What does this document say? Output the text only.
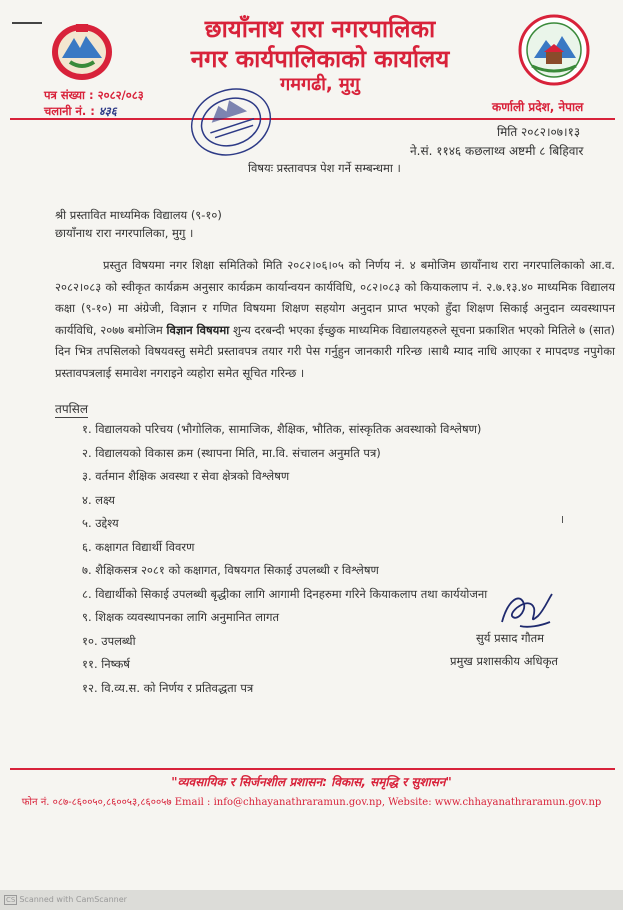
छायाँनाथ रारा नगरपालिका
नगर कार्यपालिकाको कार्यालय
गमगढी, मुगु
कर्णाली प्रदेश, नेपाल
पत्र संख्या : २०८२/०८३
चलानी नं. : ४३६
मिति २०८२।०७।१३
ने.सं. ११४६ कछलाथ्व अष्टमी ८ बिहिवार
विषयः प्रस्तावपत्र पेश गर्ने सम्बन्धमा ।
श्री प्रस्तावित माध्यमिक विद्यालय (९-१०)
छायाँनाथ रारा नगरपालिका, मुगु ।

प्रस्तुत विषयमा नगर शिक्षा समितिको मिति २०८२।०६।०५ को निर्णय नं. ४ बमोजिम छायाँनाथ रारा नगरपालिकाको आ.व. २०८२।०८३ को स्वीकृत कार्यक्रम अनुसार कार्यक्रम कार्यान्वयन कार्यविधि, ०८२।०८३ को कियाकलाप नं. २.७.१३.४० माध्यमिक विद्यालय कक्षा (९-१०) मा अंग्रेजी, विज्ञान र गणित विषयमा शिक्षण सहयोग अनुदान प्राप्त भएको हुँदा शिक्षण सिकाई अनुदान व्यवस्थापन कार्यविधि, २०७७ बमोजिम विज्ञान विषयमा शुन्य दरबन्दी भएका ईच्छुक माध्यमिक विद्यालयहरुले सूचना प्रकाशित भएको मितिले ७ (सात) दिन भित्र तपसिलको विषयवस्तु समेटी प्रस्तावपत्र तयार गरी पेस गर्नुहुन जानकारी गरिन्छ ।साथै म्याद नाधि आएका र मापदण्ड नपुगेका प्रस्तावपत्रलाई समावेश नगराइने व्यहोरा समेत सूचित गरिन्छ ।

तपसिल
१. विद्यालयको परिचय (भौगोलिक, सामाजिक, शैक्षिक, भौतिक, सांस्कृतिक अवस्थाको विश्लेषण)
२. विद्यालयको विकास क्रम (स्थापना मिति, मा.वि. संचालन अनुमति पत्र)
३. वर्तमान शैक्षिक अवस्था र सेवा क्षेत्रको विश्लेषण
४. लक्ष्य
५. उद्देश्य
६. कक्षागत विद्यार्थी विवरण
७. शैक्षिकसत्र २०८१ को कक्षागत, विषयगत सिकाई उपलब्धी र विश्लेषण
८. विद्यार्थीको सिकाई उपलब्धी बृद्धीका लागि आगामी दिनहरुमा गरिने कियाकलाप तथा कार्ययोजना
९. शिक्षक व्यवस्थापनका लागि अनुमानित लागत
१०. उपलब्धी
११. निष्कर्ष
१२. वि.व्य.स. को निर्णय र प्रतिवद्धता पत्र
सुर्य प्रसाद गौतम
प्रमुख प्रशासकीय अधिकृत
"व्यवसायिक र सिर्जनशील प्रशासन: विकास, समृद्धि र सुशासन"
फोन नं. ०८७-८६००५०,८६००५३,८६००५७ Email : info@chhayanathraramun.gov.np, Website: www.chhayanathraramun.gov.np
CS Scanned with CamScanner
